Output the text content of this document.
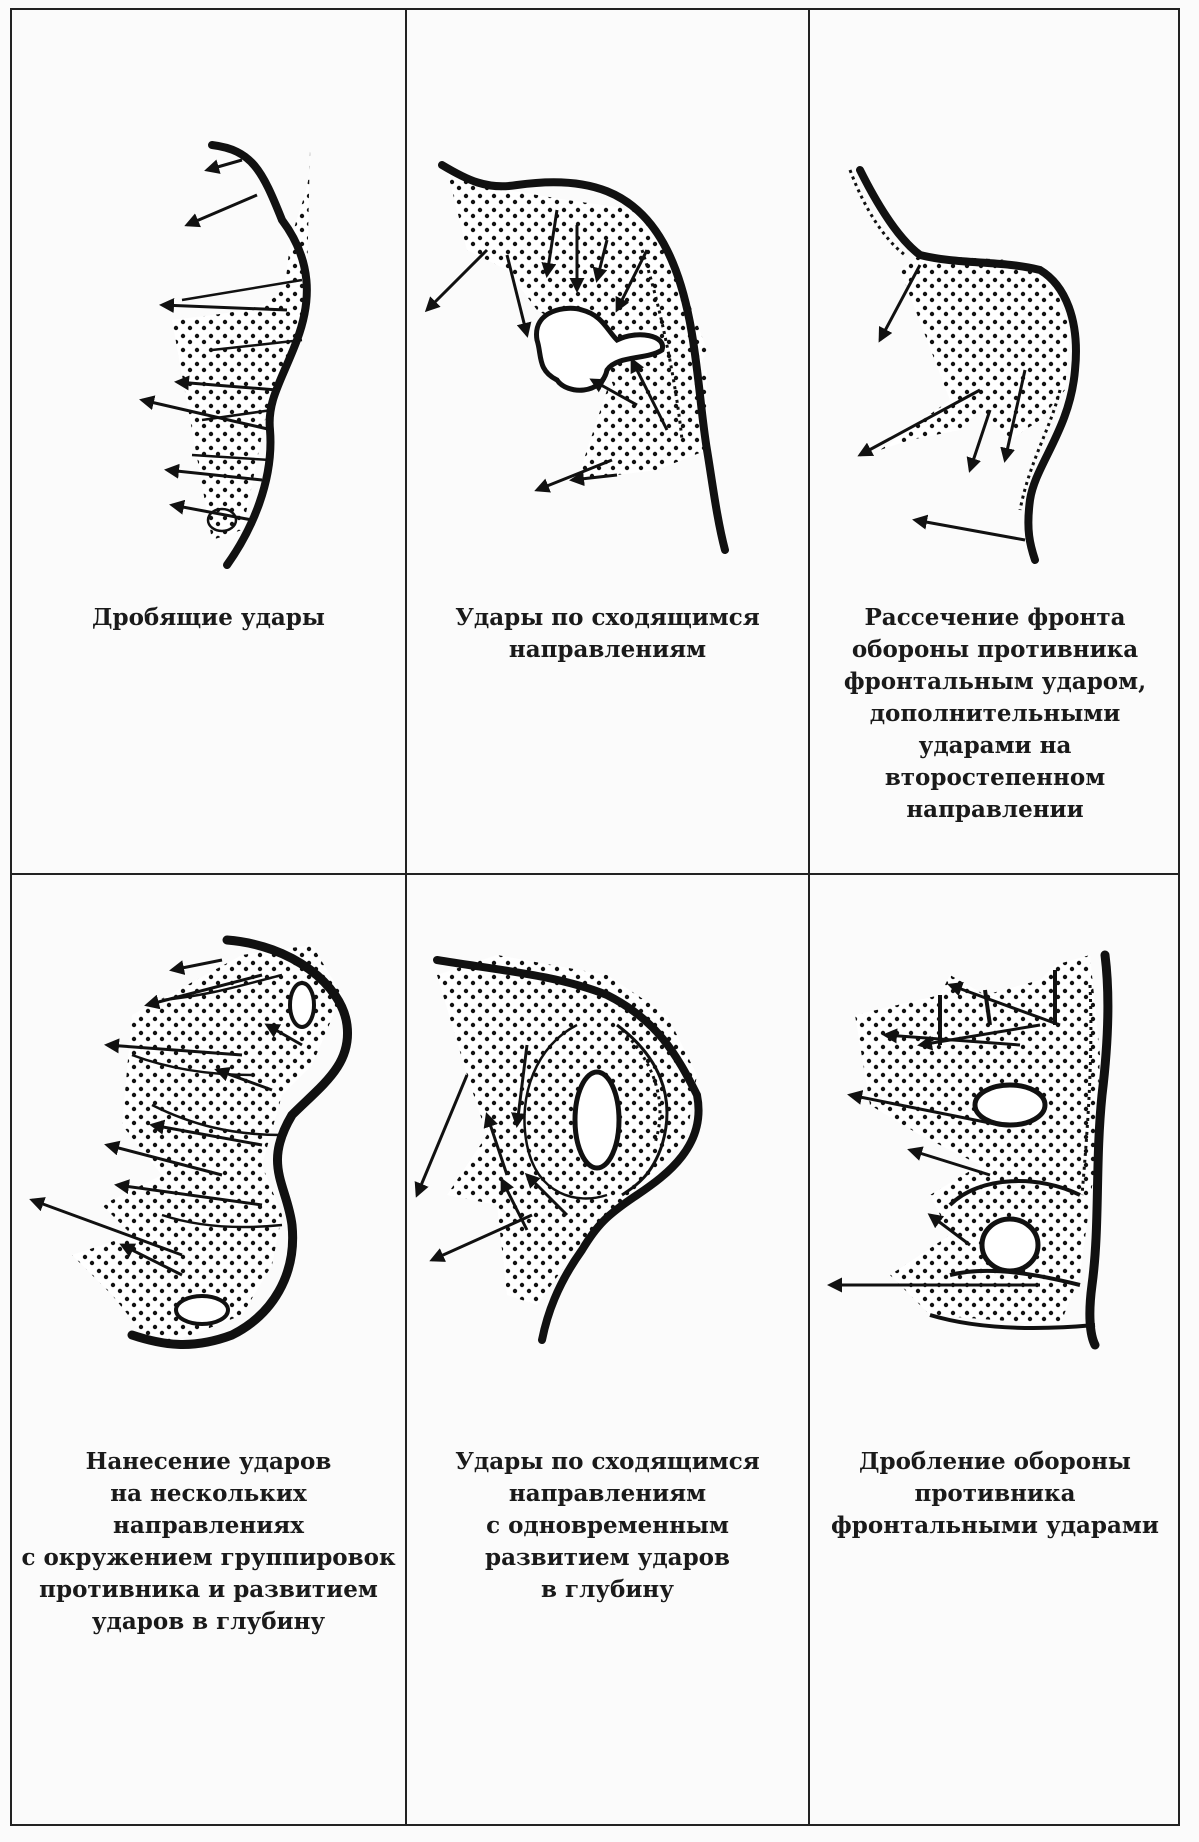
Дробящие удары	Удары по сходящимся
направлениям
Рассечение фронта
обороны противника
фронтальным ударом,
дополнительными
ударами на
второстепенном
направлении
Нанесение ударов
на нескольких
направлениях
с окружением группировок
противника и развитием
ударов в глубину
Удары по сходящимся
направлениям
с одновременным
развитием ударов
в глубину
Дробление обороны
противника
фронтальными ударами
